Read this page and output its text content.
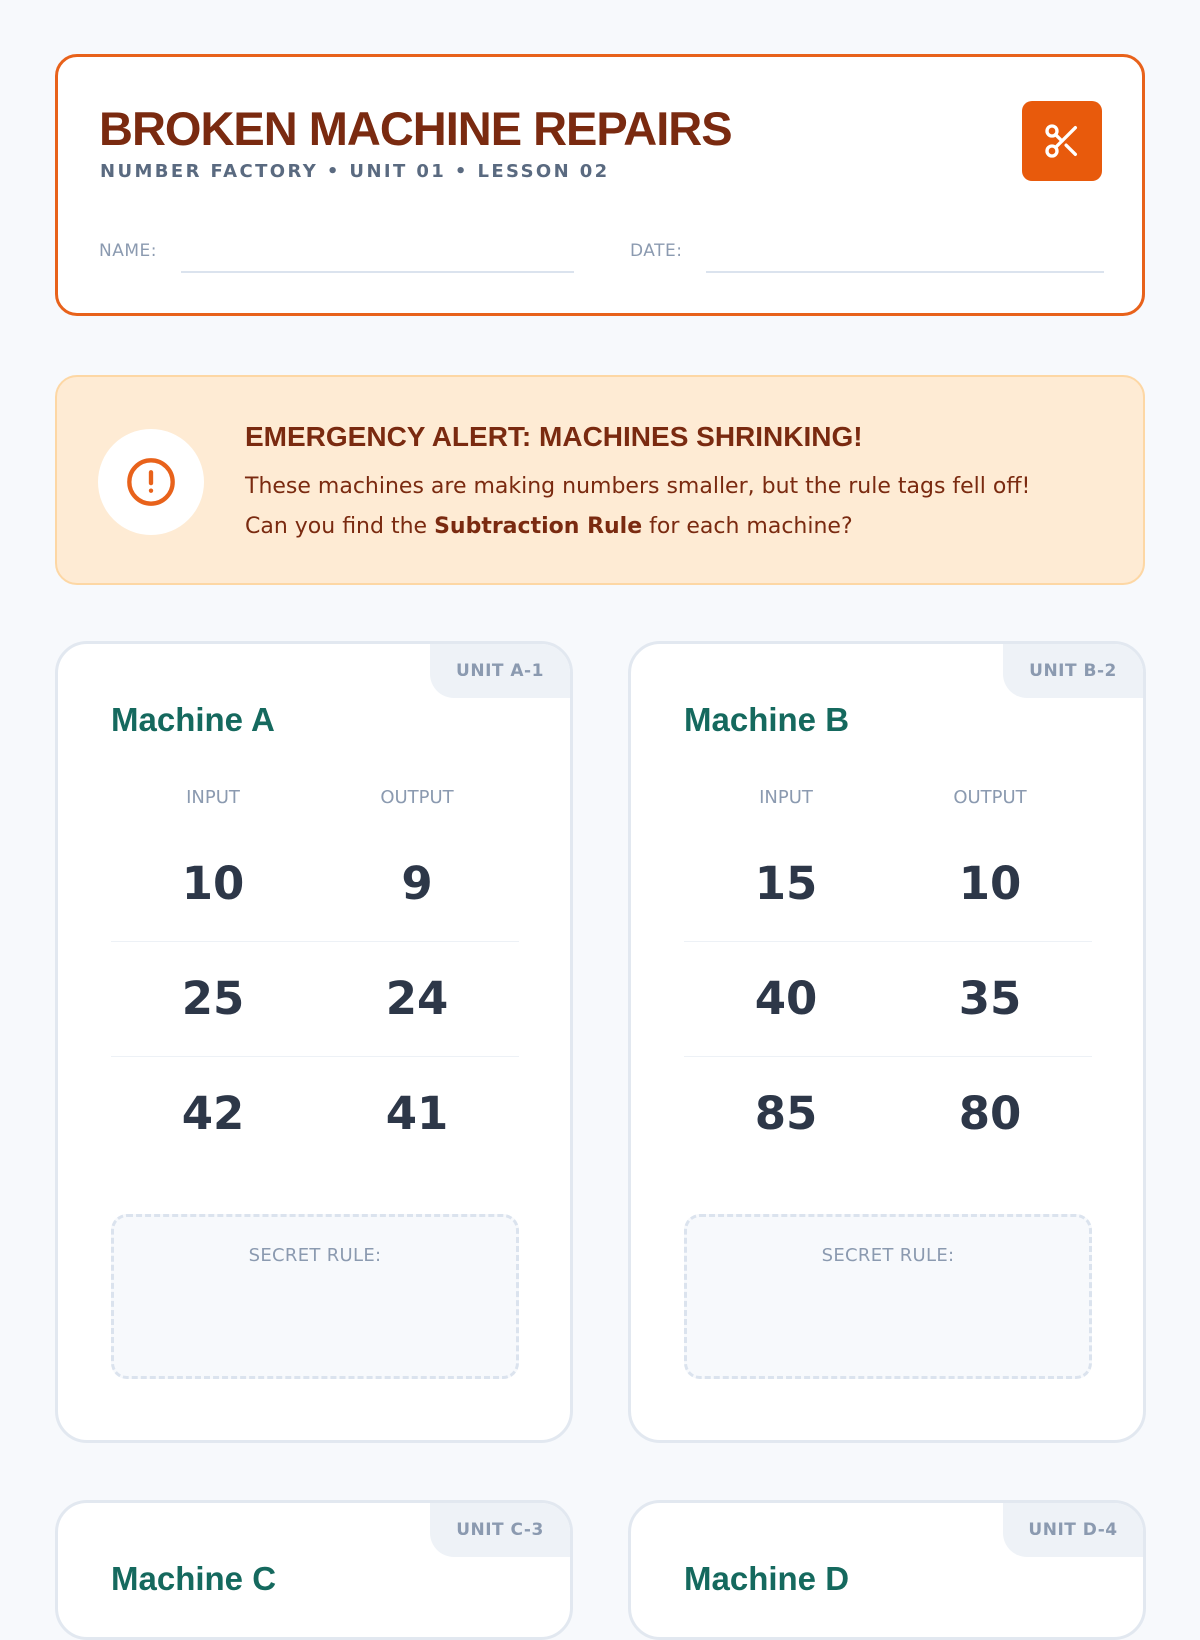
BROKEN MACHINE REPAIRS
NUMBER FACTORY • UNIT 01 • LESSON 02
NAME:	DATE:
EMERGENCY ALERT: MACHINES SHRINKING!
These machines are making numbers smaller, but the rule tags fell off!
Can you find the Subtraction Rule for each machine?
UNIT A-1
Machine A
INPUT	OUTPUT
10	9
25	24
42	41
SECRET RULE:
UNIT B-2
Machine B
INPUT	OUTPUT
15	10
40	35
85	80
SECRET RULE:
UNIT C-3
Machine C
UNIT D-4
Machine D
